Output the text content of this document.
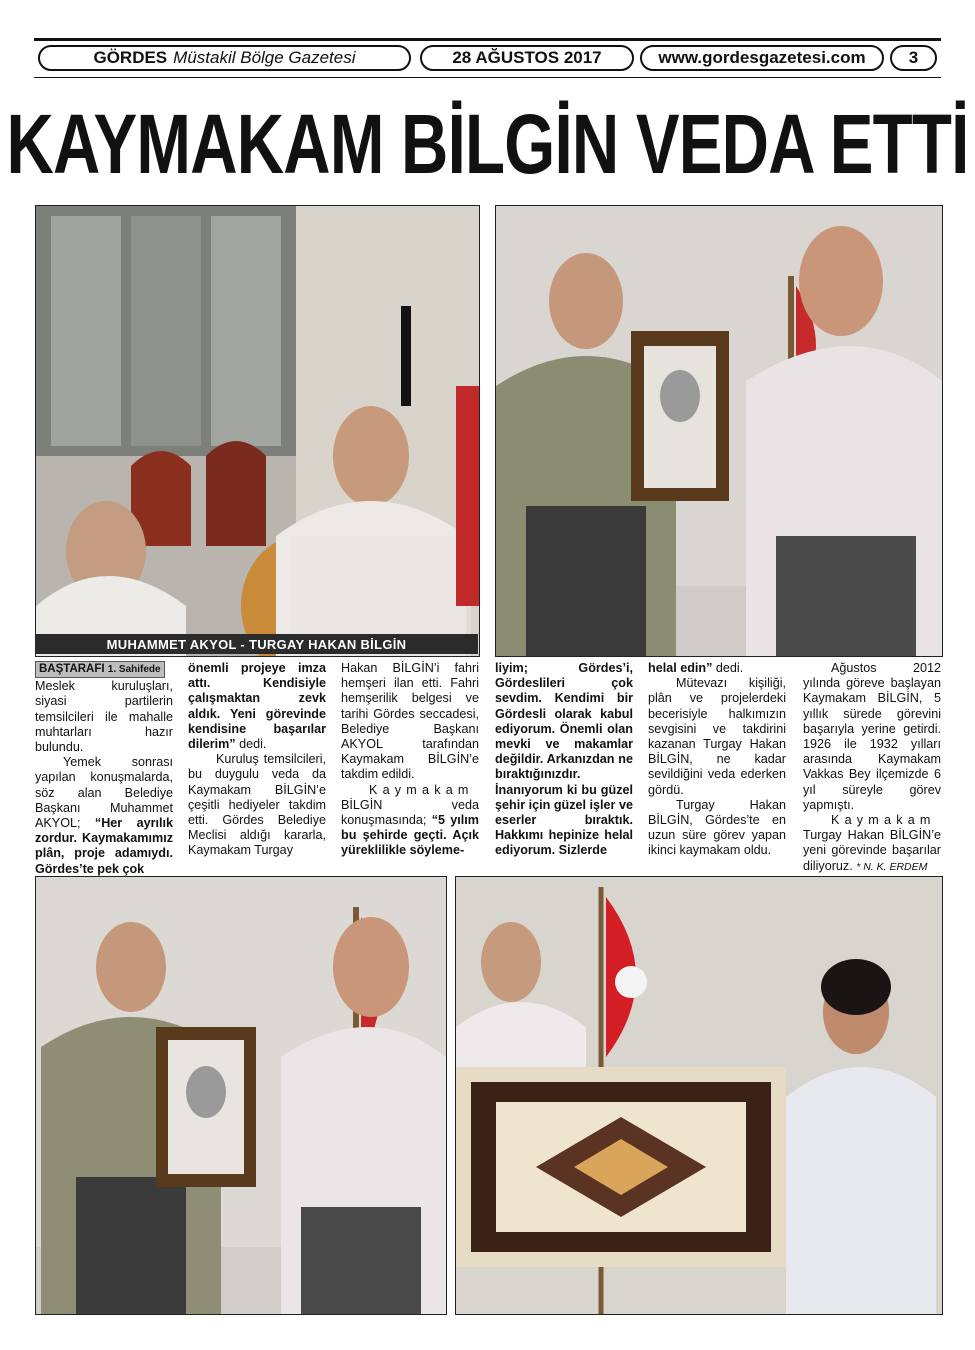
GÖRDES Müstakil Bölge Gazetesi	28 AĞUSTOS 2017	www.gordesgazetesi.com	3
KAYMAKAM BİLGİN VEDA ETTİ
MUHAMMET AKYOL - TURGAY HAKAN BİLGİN
BAŞTARAFI 1. Sahifede

Meslek kuruluşları, siyasi partilerin temsilcileri ile mahalle muhtarları hazır bulundu.

Yemek sonrası yapılan konuşmalarda, söz alan Belediye Başkanı Muhammet AKYOL; “Her ayrılık zordur. Kaymakamımız plân, proje adamıydı. Gördes’te pek çok

önemli projeye imza attı. Kendisiyle çalışmaktan zevk aldık. Yeni görevinde kendisine başarılar dilerim” dedi.

Kuruluş temsilcileri, bu duygulu veda da Kaymakam BİLGİN’e çeşitli hediyeler takdim etti. Gördes Belediye Meclisi aldığı kararla, Kaymakam Turgay

Hakan BİLGİN’i fahri hemşeri ilan etti. Fahri hemşerilik belgesi ve tarihi Gördes seccadesi, Belediye Başkanı AKYOL tarafından Kaymakam BİLGİN’e takdim edildi.

Kaymakam BİLGİN veda konuşmasında; “5 yılım bu şehirde geçti. Açık yüreklilikle söyleme-

liyim; Gördes’i, Gördeslileri çok sevdim. Kendimi bir Gördesli olarak kabul ediyorum. Önemli olan mevki ve makamlar değildir. Arkanızdan ne bıraktığınızdır. İnanıyorum ki bu güzel şehir için güzel işler ve eserler bıraktık. Hakkımı hepinize helal ediyorum. Sizlerde

helal edin” dedi.

Mütevazı kişiliği, plân ve projelerdeki becerisiyle halkımızın sevgisini ve takdirini kazanan Turgay Hakan BİLGİN, ne kadar sevildiğini veda ederken gördü.

Turgay Hakan BİLGİN, Gördes’te en uzun süre görev yapan ikinci kaymakam oldu.

Ağustos 2012 yılında göreve başlayan Kaymakam BİLGİN, 5 yıllık sürede görevini başarıyla yerine getirdi. 1926 ile 1932 yılları arasında Kaymakam Vakkas Bey ilçemizde 6 yıl süreyle görev yapmıştı.

Kaymakam Turgay Hakan BİLGİN’e yeni görevinde başarılar diliyoruz. * N. K. ERDEM
